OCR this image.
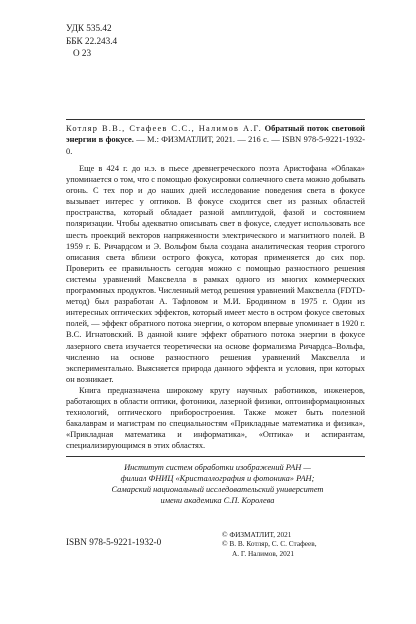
УДК 535.42
ББК 22.243.4
O 23
Котляр В.В., Стафеев С.С., Налимов А.Г. Обратный поток световой энергии в фокусе. — М.: ФИЗМАТЛИТ, 2021. — 216 с. — ISBN 978-5-9221-1932-0.

Еще в 424 г. до н.э. в пьесе древнегреческого поэта Аристофана «Облака» упоминается о том, что с помощью фокусировки солнечного света можно добывать огонь. С тех пор и до наших дней исследование поведения света в фокусе вызывает интерес у оптиков. В фокусе сходится свет из разных областей пространства, который обладает разной амплитудой, фазой и состоянием поляризации. Чтобы адекватно описывать свет в фокусе, следует использовать все шесть проекций векторов напряженности электрического и магнитного полей. В 1959 г. Б. Ричардсом и Э. Вольфом была создана аналитическая теория строгого описания света вблизи острого фокуса, которая применяется до сих пор. Проверить ее правильность сегодня можно с помощью разностного решения системы уравнений Максвелла в рамках одного из многих коммерческих программных продуктов. Численный метод решения уравнений Максвелла (FDTD-метод) был разработан А. Тафловом и М.И. Бродинном в 1975 г. Один из интересных оптических эффектов, который имеет место в остром фокусе световых полей, — эффект обратного потока энергии, о котором впервые упоминает в 1920 г. В.С. Игнатовский. В данной книге эффект обратного потока энергии в фокусе лазерного света изучается теоретически на основе формализма Ричардса–Вольфа, численно на основе разностного решения уравнений Максвелла и экспериментально. Выясняется природа данного эффекта и условия, при которых он возникает.

Книга предназначена широкому кругу научных работников, инженеров, работающих в области оптики, фотоники, лазерной физики, оптоинформационных технологий, оптического приборостроения. Также может быть полезной бакалаврам и магистрам по специальностям «Прикладные математика и физика», «Прикладная математика и информатика», «Оптика» и аспирантам, специализирующимся в этих областях.

Институт систем обработки изображений РАН —
филиал ФНИЦ «Кристаллография и фотоника» РАН;
Самарский национальный исследовательский университет
имени академика С.П. Королева
ISBN 978-5-9221-1932-0
© ФИЗМАТЛИТ, 2021
© В. В. Котляр, С. С. Стафеев,
А. Г. Налимов, 2021
